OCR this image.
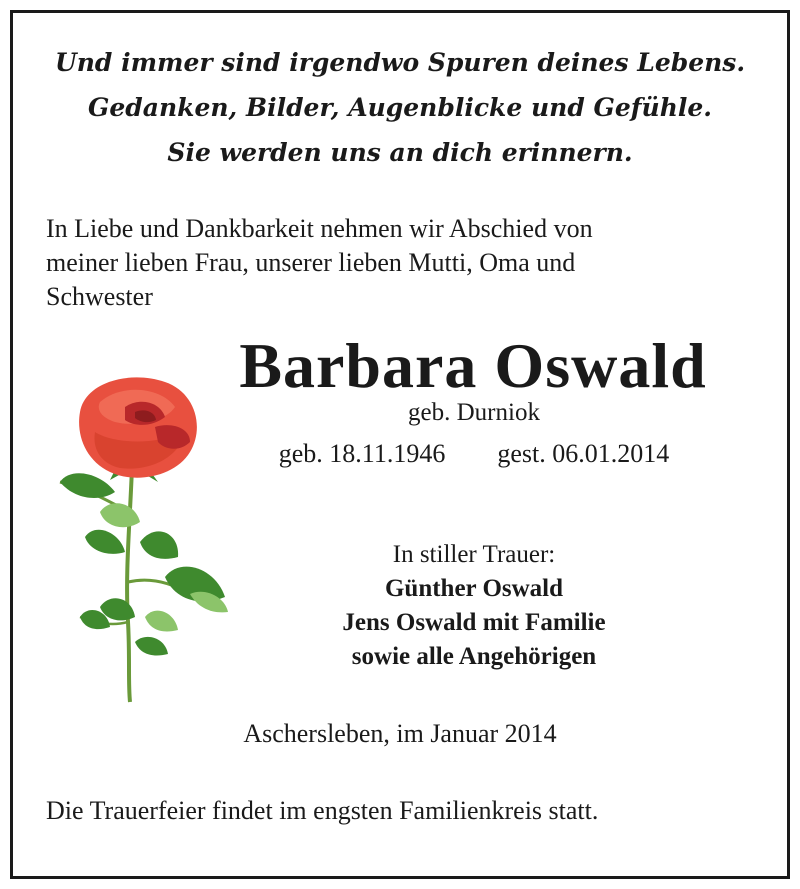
Und immer sind irgendwo Spuren deines Lebens.
Gedanken, Bilder, Augenblicke und Gefühle.
Sie werden uns an dich erinnern.
In Liebe und Dankbarkeit nehmen wir Abschied von
meiner lieben Frau, unserer lieben Mutti, Oma und
Schwester
Barbara Oswald
geb. Durniok
geb. 18.11.1946 gest. 06.01.2014
In stiller Trauer:
Günther Oswald
Jens Oswald mit Familie
sowie alle Angehörigen
Aschersleben, im Januar 2014
Die Trauerfeier findet im engsten Familienkreis statt.
